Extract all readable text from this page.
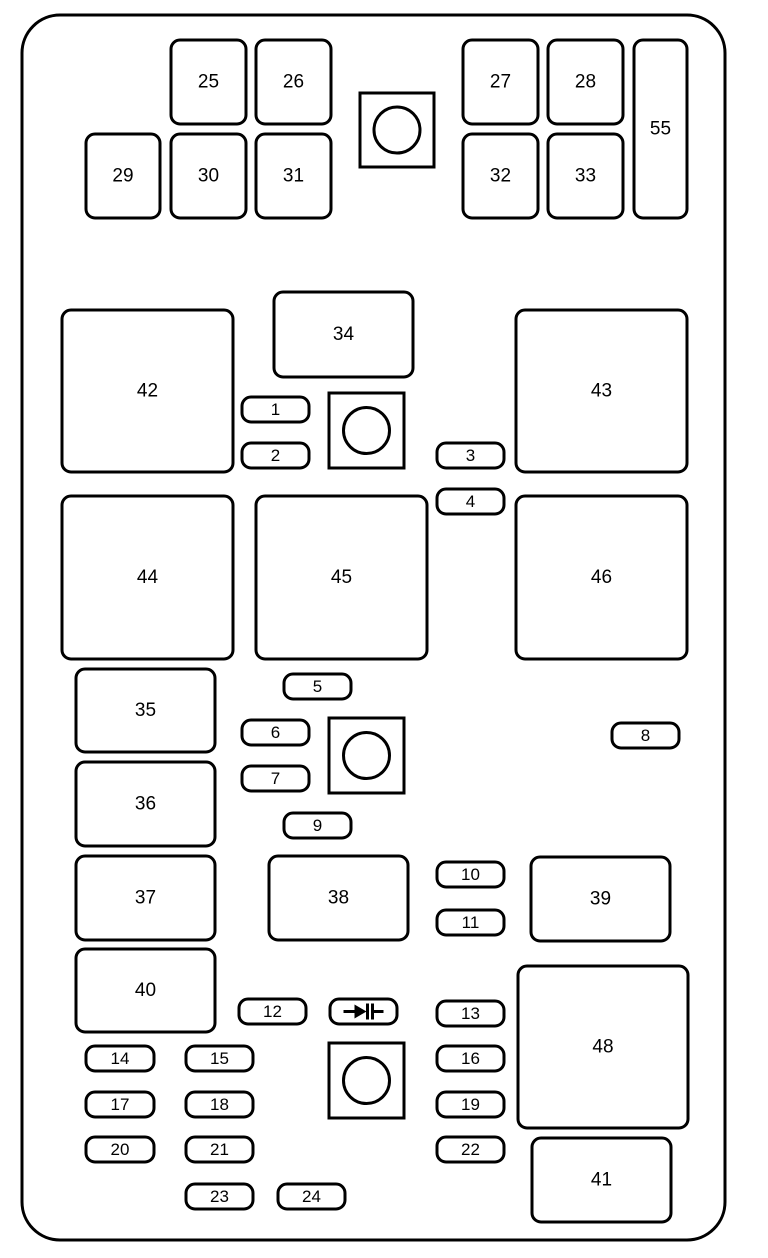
25	26	27	28
29	30	31	32	33
55
34
42	43
44	45	46
35
36
37	38	39
40
48
41
1
2	3
4
5
6
7
8
9
10
11
12	13
14	15	16
17	18	19
20	21	22
23	24
